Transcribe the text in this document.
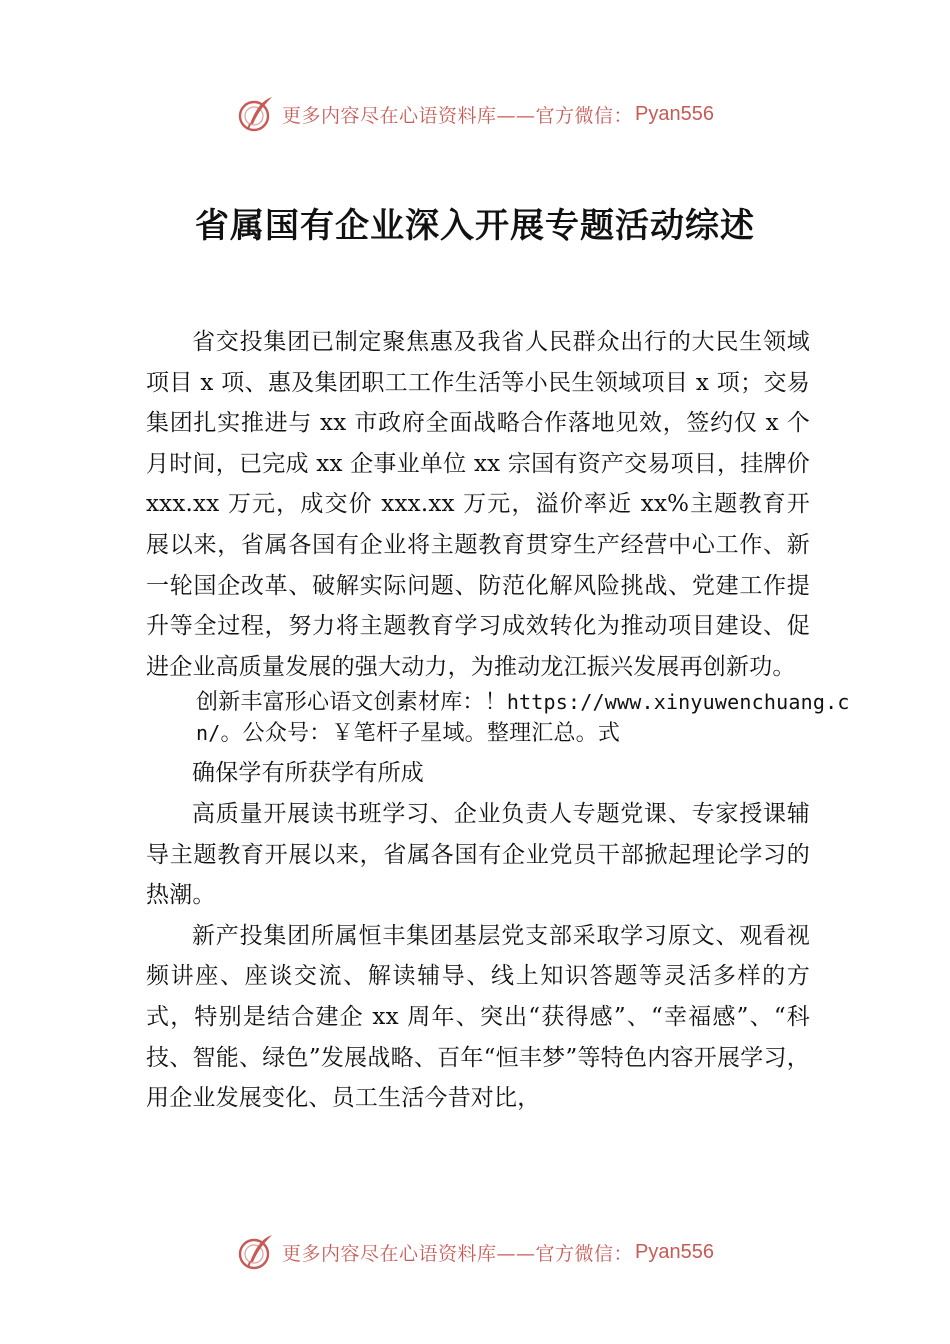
更多内容尽在心语资料库——官方微信： Pyan556
省属国有企业深入开展专题活动综述

省交投集团已制定聚焦惠及我省人民群众出行的大民生领域项目 x 项、惠及集团职工工作生活等小民生领域项目 x 项；交易集团扎实推进与 xx 市政府全面战略合作落地见效，签约仅 x 个月时间，已完成 xx 企事业单位 xx 宗国有资产交易项目，挂牌价 xxx.xx 万元，成交价 xxx.xx 万元，溢价率近 xx%主题教育开展以来，省属各国有企业将主题教育贯穿生产经营中心工作、新一轮国企改革、破解实际问题、防范化解风险挑战、党建工作提升等全过程，努力将主题教育学习成效转化为推动项目建设、促进企业高质量发展的强大动力，为推动龙江振兴发展再创新功。

创新丰富形心语文创素材库：！https://www.xinyuwenchuang.cn/。公众号：￥笔杆子星域。整理汇总。式

确保学有所获学有所成

高质量开展读书班学习、企业负责人专题党课、专家授课辅导主题教育开展以来，省属各国有企业党员干部掀起理论学习的热潮。

新产投集团所属恒丰集团基层党支部采取学习原文、观看视频讲座、座谈交流、解读辅导、线上知识答题等灵活多样的方式，特别是结合建企 xx 周年、突出“获得感”、“幸福感”、“科技、智能、绿色”发展战略、百年“恒丰梦”等特色内容开展学习，用企业发展变化、员工生活今昔对比，

更多内容尽在心语资料库——官方微信： Pyan556
